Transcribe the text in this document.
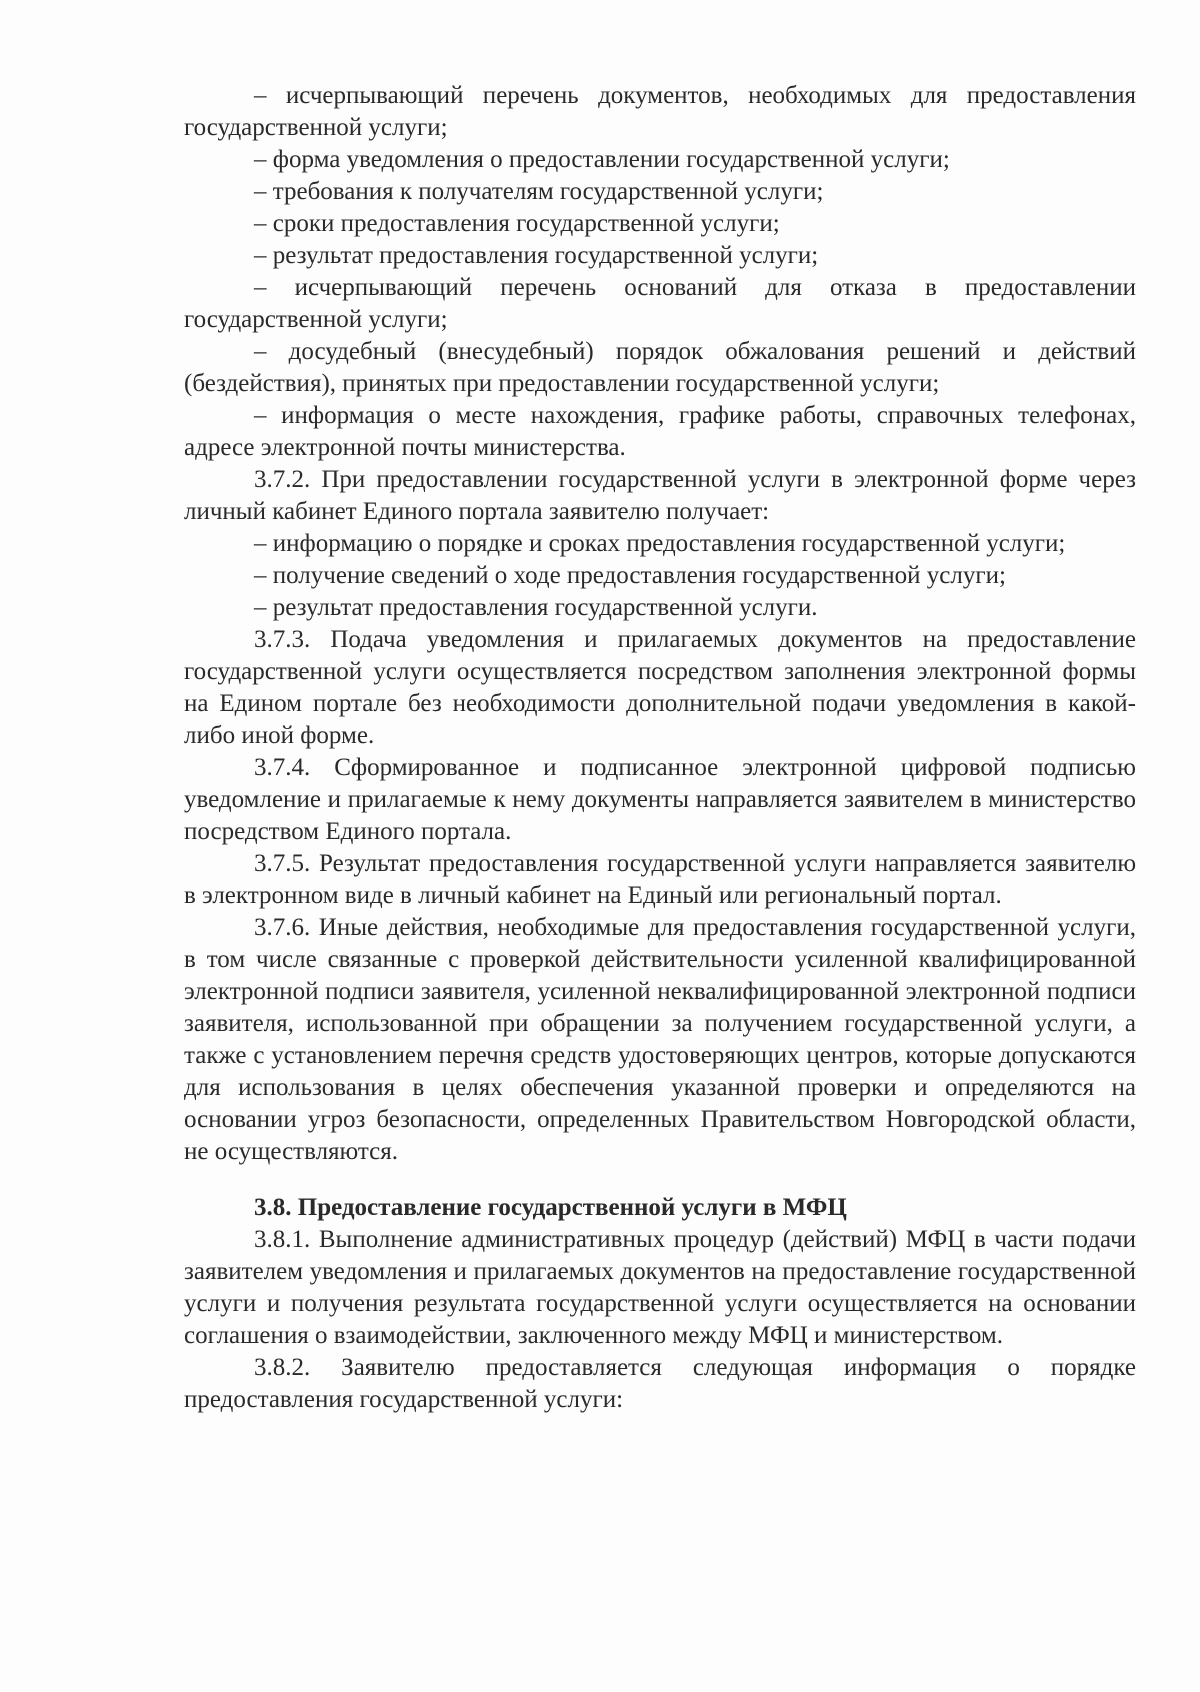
– исчерпывающий перечень документов, необходимых для предоставления государственной услуги;

– форма уведомления о предоставлении государственной услуги;

– требования к получателям государственной услуги;

– сроки предоставления государственной услуги;

– результат предоставления государственной услуги;

– исчерпывающий перечень оснований для отказа в предоставлении государственной услуги;

– досудебный (внесудебный) порядок обжалования решений и действий (бездействия), принятых при предоставлении государственной услуги;

– информация о месте нахождения, графике работы, справочных телефонах, адресе электронной почты министерства.

3.7.2. При предоставлении государственной услуги в электронной форме через личный кабинет Единого портала заявителю получает:

– информацию о порядке и сроках предоставления государственной услуги;

– получение сведений о ходе предоставления государственной услуги;

– результат предоставления государственной услуги.

3.7.3. Подача уведомления и прилагаемых документов на предоставление государственной услуги осуществляется посредством заполнения электронной формы на Едином портале без необходимости дополнительной подачи уведомления в какой-либо иной форме.

3.7.4. Сформированное и подписанное электронной цифровой подписью уведомление и прилагаемые к нему документы направляется заявителем в министерство посредством Единого портала.

3.7.5. Результат предоставления государственной услуги направляется заявителю в электронном виде в личный кабинет на Единый или региональный портал.

3.7.6. Иные действия, необходимые для предоставления государственной услуги, в том числе связанные с проверкой действительности усиленной квалифицированной электронной подписи заявителя, усиленной неквалифицированной электронной подписи заявителя, использованной при обращении за получением государственной услуги, а также с установлением перечня средств удостоверяющих центров, которые допускаются для использования в целях обеспечения указанной проверки и определяются на основании угроз безопасности, определенных Правительством Новгородской области, не осуществляются.

3.8. Предоставление государственной услуги в МФЦ

3.8.1. Выполнение административных процедур (действий) МФЦ в части подачи заявителем уведомления и прилагаемых документов на предоставление государственной услуги и получения результата государственной услуги осуществляется на основании соглашения о взаимодействии, заключенного между МФЦ и министерством.

3.8.2. Заявителю предоставляется следующая информация о порядке предоставления государственной услуги:
